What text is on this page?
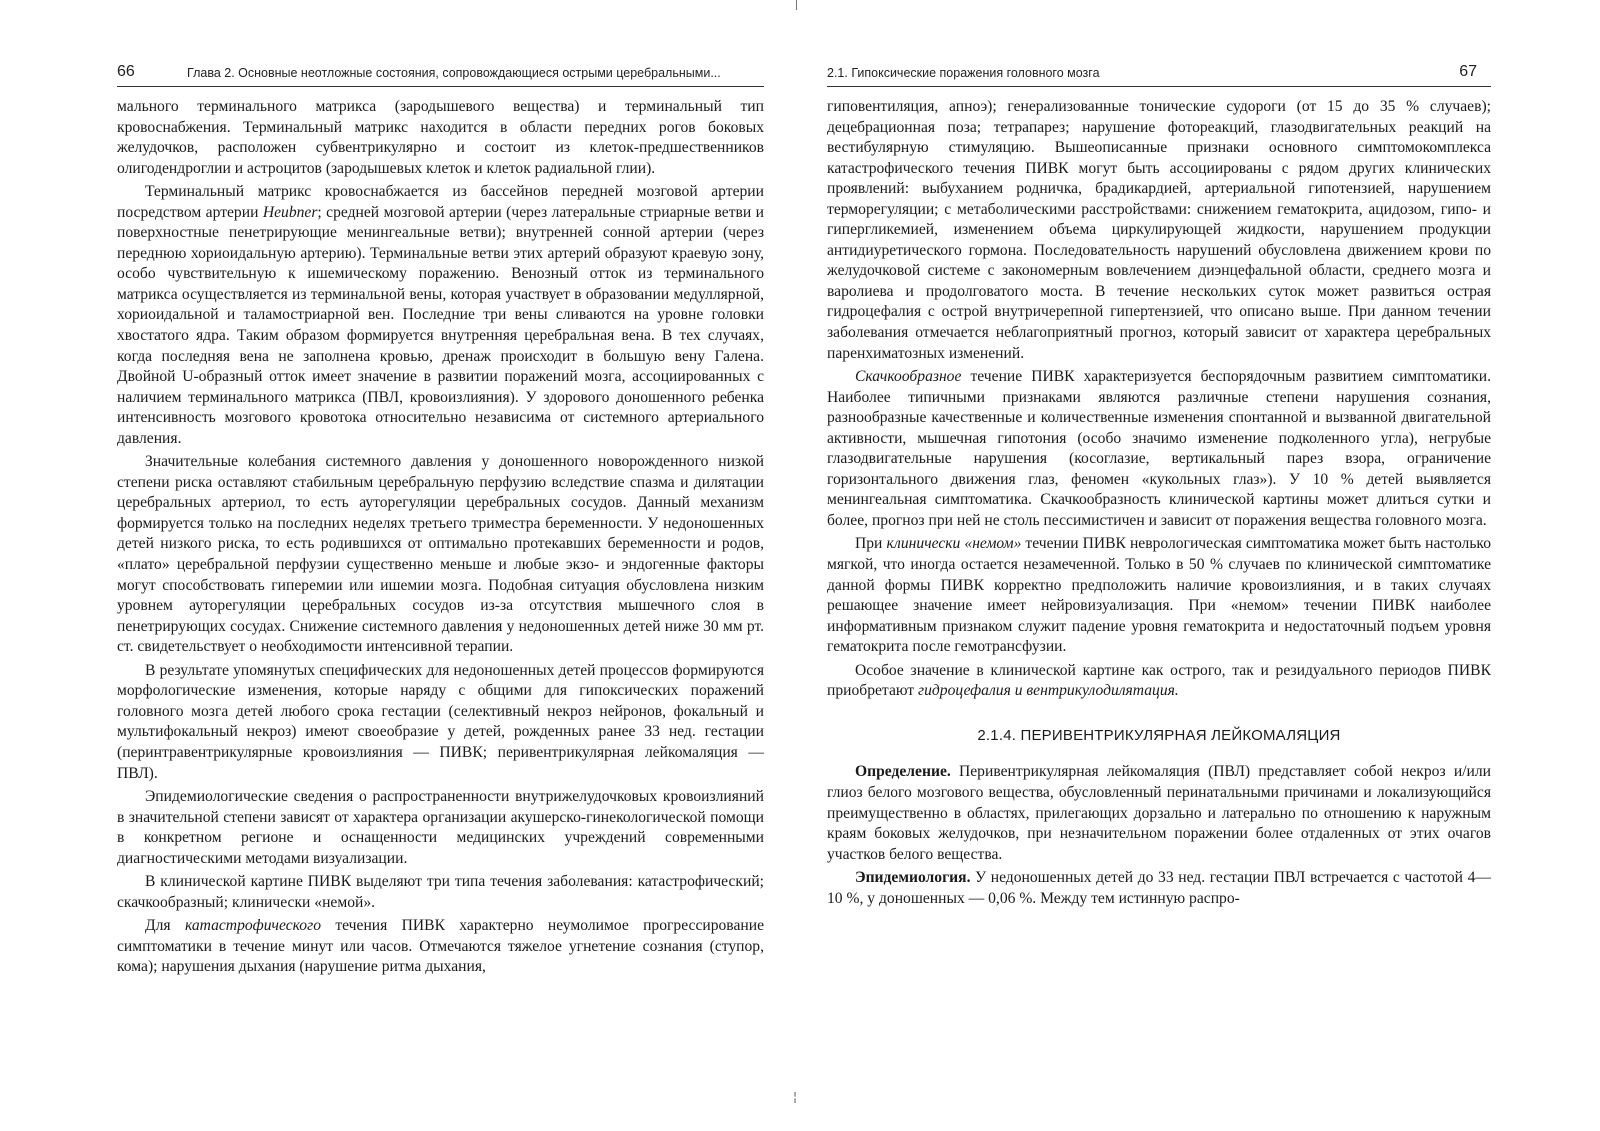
66	Глава 2. Основные неотложные состояния, сопровождающиеся острыми церебральными...

мального терминального матрикса (зародышевого вещества) и терминальный тип кровоснабжения. Терминальный матрикс находится в области передних рогов боковых желудочков, расположен субвентрикулярно и состоит из клеток-предшественников олигодендроглии и астроцитов (зародышевых клеток и клеток радиальной глии).

Терминальный матрикс кровоснабжается из бассейнов передней мозговой артерии посредством артерии Heubner; средней мозговой артерии (через латеральные стриарные ветви и поверхностные пенетрирующие менингеальные ветви); внутренней сонной артерии (через переднюю хориоидальную артерию). Терминальные ветви этих артерий образуют краевую зону, особо чувствительную к ишемическому поражению. Венозный отток из терминального матрикса осуществляется из терминальной вены, которая участвует в образовании медуллярной, хориоидальной и таламостриарной вен. Последние три вены сливаются на уровне головки хвостатого ядра. Таким образом формируется внутренняя церебральная вена. В тех случаях, когда последняя вена не заполнена кровью, дренаж происходит в большую вену Галена. Двойной U-образный отток имеет значение в развитии поражений мозга, ассоциированных с наличием терминального матрикса (ПВЛ, кровоизлияния). У здорового доношенного ребенка интенсивность мозгового кровотока относительно независима от системного артериального давления.

Значительные колебания системного давления у доношенного новорожденного низкой степени риска оставляют стабильным церебральную перфузию вследствие спазма и дилятации церебральных артериол, то есть ауторегуляции церебральных сосудов. Данный механизм формируется только на последних неделях третьего триместра беременности. У недоношенных детей низкого риска, то есть родившихся от оптимально протекавших беременности и родов, «плато» церебральной перфузии существенно меньше и любые экзо- и эндогенные факторы могут способствовать гиперемии или ишемии мозга. Подобная ситуация обусловлена низким уровнем ауторегуляции церебральных сосудов из-за отсутствия мышечного слоя в пенетрирующих сосудах. Снижение системного давления у недоношенных детей ниже 30 мм рт. ст. свидетельствует о необходимости интенсивной терапии.

В результате упомянутых специфических для недоношенных детей процессов формируются морфологические изменения, которые наряду с общими для гипоксических поражений головного мозга детей любого срока гестации (селективный некроз нейронов, фокальный и мультифокальный некроз) имеют своеобразие у детей, рожденных ранее 33 нед. гестации (перинтравентрикулярные кровоизлияния — ПИВК; перивентрикулярная лейкомаляция — ПВЛ).

Эпидемиологические сведения о распространенности внутрижелудочковых кровоизлияний в значительной степени зависят от характера организации акушерско-гинекологической помощи в конкретном регионе и оснащенности медицинских учреждений современными диагностическими методами визуализации.

В клинической картине ПИВК выделяют три типа течения заболевания: катастрофический; скачкообразный; клинически «немой».

Для катастрофического течения ПИВК характерно неумолимое прогрессирование симптоматики в течение минут или часов. Отмечаются тяжелое угнетение сознания (ступор, кома); нарушения дыхания (нарушение ритма дыхания,

2.1. Гипоксические поражения головного мозга	67

гиповентиляция, апноэ); генерализованные тонические судороги (от 15 до 35 % случаев); децебрационная поза; тетрапарез; нарушение фотореакций, глазодвигательных реакций на вестибулярную стимуляцию. Вышеописанные признаки основного симптомокомплекса катастрофического течения ПИВК могут быть ассоциированы с рядом других клинических проявлений: выбуханием родничка, брадикардией, артериальной гипотензией, нарушением терморегуляции; с метаболическими расстройствами: снижением гематокрита, ацидозом, гипо- и гипергликемией, изменением объема циркулирующей жидкости, нарушением продукции антидиуретического гормона. Последовательность нарушений обусловлена движением крови по желудочковой системе с закономерным вовлечением диэнцефальной области, среднего мозга и варолиева и продолговатого моста. В течение нескольких суток может развиться острая гидроцефалия с острой внутричерепной гипертензией, что описано выше. При данном течении заболевания отмечается неблагоприятный прогноз, который зависит от характера церебральных паренхиматозных изменений.

Скачкообразное течение ПИВК характеризуется беспорядочным развитием симптоматики. Наиболее типичными признаками являются различные степени нарушения сознания, разнообразные качественные и количественные изменения спонтанной и вызванной двигательной активности, мышечная гипотония (особо значимо изменение подколенного угла), негрубые глазодвигательные нарушения (косоглазие, вертикальный парез взора, ограничение горизонтального движения глаз, феномен «кукольных глаз»). У 10 % детей выявляется менингеальная симптоматика. Скачкообразность клинической картины может длиться сутки и более, прогноз при ней не столь пессимистичен и зависит от поражения вещества головного мозга.

При клинически «немом» течении ПИВК неврологическая симптоматика может быть настолько мягкой, что иногда остается незамеченной. Только в 50 % случаев по клинической симптоматике данной формы ПИВК корректно предположить наличие кровоизлияния, и в таких случаях решающее значение имеет нейровизуализация. При «немом» течении ПИВК наиболее информативным признаком служит падение уровня гематокрита и недостаточный подъем уровня гематокрита после гемотрансфузии.

Особое значение в клинической картине как острого, так и резидуального периодов ПИВК приобретают гидроцефалия и вентрикулодилятация.

2.1.4. ПЕРИВЕНТРИКУЛЯРНАЯ ЛЕЙКОМАЛЯЦИЯ

Определение. Перивентрикулярная лейкомаляция (ПВЛ) представляет собой некроз и/или глиоз белого мозгового вещества, обусловленный перинатальными причинами и локализующийся преимущественно в областях, прилегающих дорзально и латерально по отношению к наружным краям боковых желудочков, при незначительном поражении более отдаленных от этих очагов участков белого вещества.

Эпидемиология. У недоношенных детей до 33 нед. гестации ПВЛ встречается с частотой 4—10 %, у доношенных — 0,06 %. Между тем истинную распро-

¦
